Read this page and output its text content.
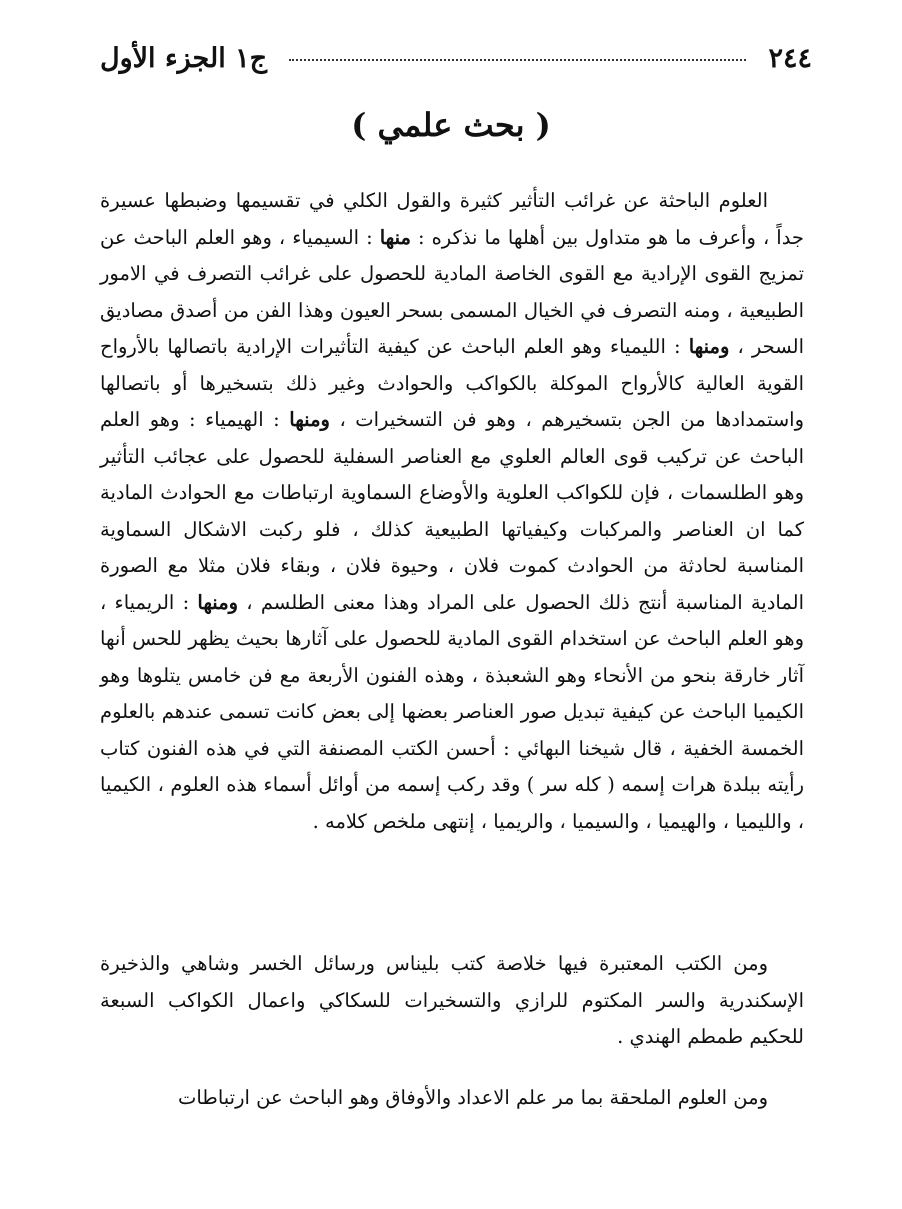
٢٤٤
ج١ الجزء الأول
( بحث علمي )

العلوم الباحثة عن غرائب التأثير كثيرة والقول الكلي في تقسيمها وضبطها عسيرة جداً ، وأعرف ما هو متداول بين أهلها ما نذكره : منها : السيمياء ، وهو العلم الباحث عن تمزيج القوى الإرادية مع القوى الخاصة المادية للحصول على غرائب التصرف في الامور الطبيعية ، ومنه التصرف في الخيال المسمى بسحر العيون وهذا الفن من أصدق مصاديق السحر ، ومنها : الليمياء وهو العلم الباحث عن كيفية التأثيرات الإرادية باتصالها بالأرواح القوية العالية كالأرواح الموكلة بالكواكب والحوادث وغير ذلك بتسخيرها أو باتصالها واستمدادها من الجن بتسخيرهم ، وهو فن التسخيرات ، ومنها : الهيمياء : وهو العلم الباحث عن تركيب قوى العالم العلوي مع العناصر السفلية للحصول على عجائب التأثير وهو الطلسمات ، فإن للكواكب العلوية والأوضاع السماوية ارتباطات مع الحوادث المادية كما ان العناصر والمركبات وكيفياتها الطبيعية كذلك ، فلو ركبت الاشكال السماوية المناسبة لحادثة من الحوادث كموت فلان ، وحيوة فلان ، وبقاء فلان مثلا مع الصورة المادية المناسبة أنتج ذلك الحصول على المراد وهذا معنى الطلسم ، ومنها : الريمياء ، وهو العلم الباحث عن استخدام القوى المادية للحصول على آثارها بحيث يظهر للحس أنها آثار خارقة بنحو من الأنحاء وهو الشعبذة ، وهذه الفنون الأربعة مع فن خامس يتلوها وهو الكيميا الباحث عن كيفية تبديل صور العناصر بعضها إلى بعض كانت تسمى عندهم بالعلوم الخمسة الخفية ، قال شيخنا البهائي : أحسن الكتب المصنفة التي في هذه الفنون كتاب رأيته ببلدة هرات إسمه ( كله سر ) وقد ركب إسمه من أوائل أسماء هذه العلوم ، الكيميا ، والليميا ، والهيميا ، والسيميا ، والريميا ، إنتهى ملخص كلامه .

ومن الكتب المعتبرة فيها خلاصة كتب بليناس ورسائل الخسر وشاهي والذخيرة الإسكندرية والسر المكتوم للرازي والتسخيرات للسكاكي واعمال الكواكب السبعة للحكيم طمطم الهندي .

ومن العلوم الملحقة بما مر علم الاعداد والأوفاق وهو الباحث عن ارتباطات
